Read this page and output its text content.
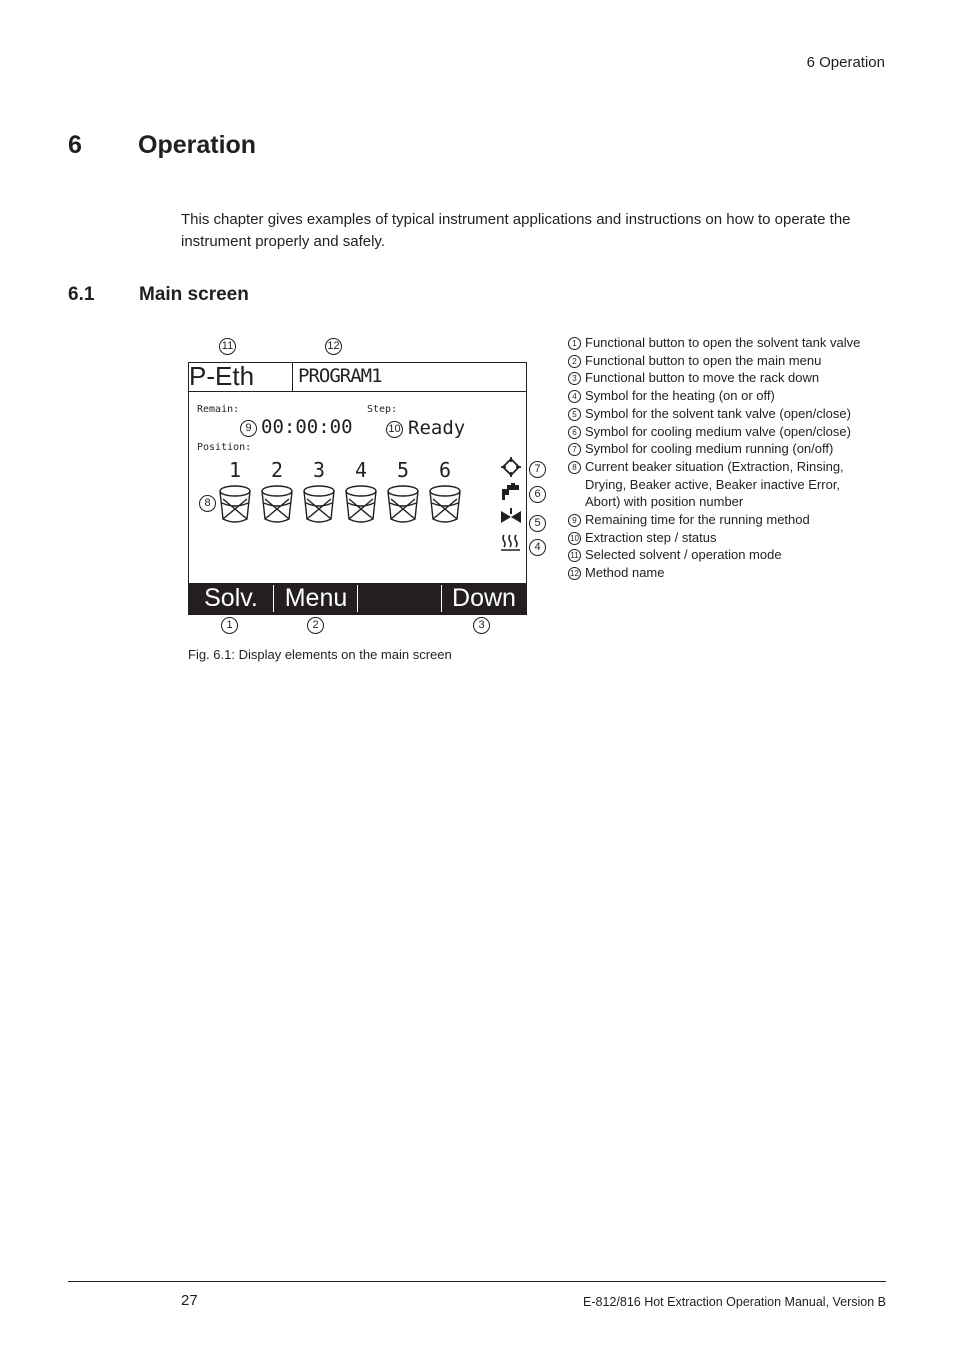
6 Operation
6 Operation
This chapter gives examples of typical instrument applications and instructions on how to operate the instrument properly and safely.
6.1 Main screen
11	12
P-Eth PROGRAM1
Remain:	Step:
9 00:00:00	10 Ready
Position:
1 2 3 4 5 6
8
Solv.	Menu	Down
7
6
5
4
1	2	3
1 Functional button to open the solvent tank valve
2 Functional button to open the main menu
3 Functional button to move the rack down
4 Symbol for the heating (on or off)
5 Symbol for the solvent tank valve (open/close)
6 Symbol for cooling medium valve (open/close)
7 Symbol for cooling medium running (on/off)
8 Current beaker situation (Extraction, Rinsing, Drying, Beaker active, Beaker inactive Error, Abort) with position number
9 Remaining time for the running method
10 Extraction step / status
11 Selected solvent / operation mode
12 Method name
Fig. 6.1: Display elements on the main screen
27	E-812/816 Hot Extraction Operation Manual, Version B
